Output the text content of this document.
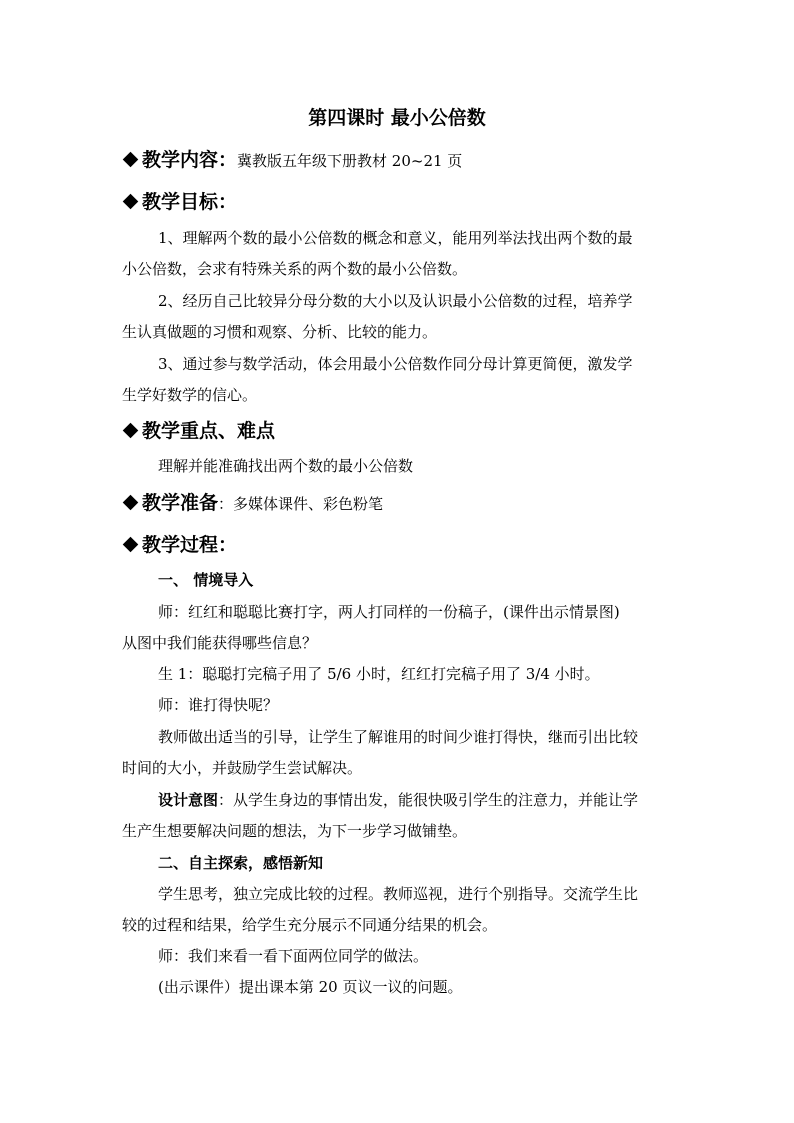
第四课时 最小公倍数
教学内容：冀教版五年级下册教材 20~21 页
教学目标：
1、理解两个数的最小公倍数的概念和意义，能用列举法找出两个数的最
小公倍数，会求有特殊关系的两个数的最小公倍数。
2、经历自己比较异分母分数的大小以及认识最小公倍数的过程，培养学
生认真做题的习惯和观察、分析、比较的能力。
3、通过参与数学活动，体会用最小公倍数作同分母计算更简便，激发学
生学好数学的信心。
教学重点、难点
理解并能准确找出两个数的最小公倍数
教学准备：多媒体课件、彩色粉笔
教学过程：
一、 情境导入
师：红红和聪聪比赛打字，两人打同样的一份稿子，(课件出示情景图)
从图中我们能获得哪些信息？
生 1：聪聪打完稿子用了 5/6 小时，红红打完稿子用了 3/4 小时。
师：谁打得快呢？
教师做出适当的引导，让学生了解谁用的时间少谁打得快，继而引出比较
时间的大小，并鼓励学生尝试解决。
设计意图：从学生身边的事情出发，能很快吸引学生的注意力，并能让学
生产生想要解决问题的想法，为下一步学习做铺垫。
二、自主探索，感悟新知
学生思考，独立完成比较的过程。教师巡视，进行个别指导。交流学生比
较的过程和结果，给学生充分展示不同通分结果的机会。
师：我们来看一看下面两位同学的做法。
(出示课件）提出课本第 20 页议一议的问题。
